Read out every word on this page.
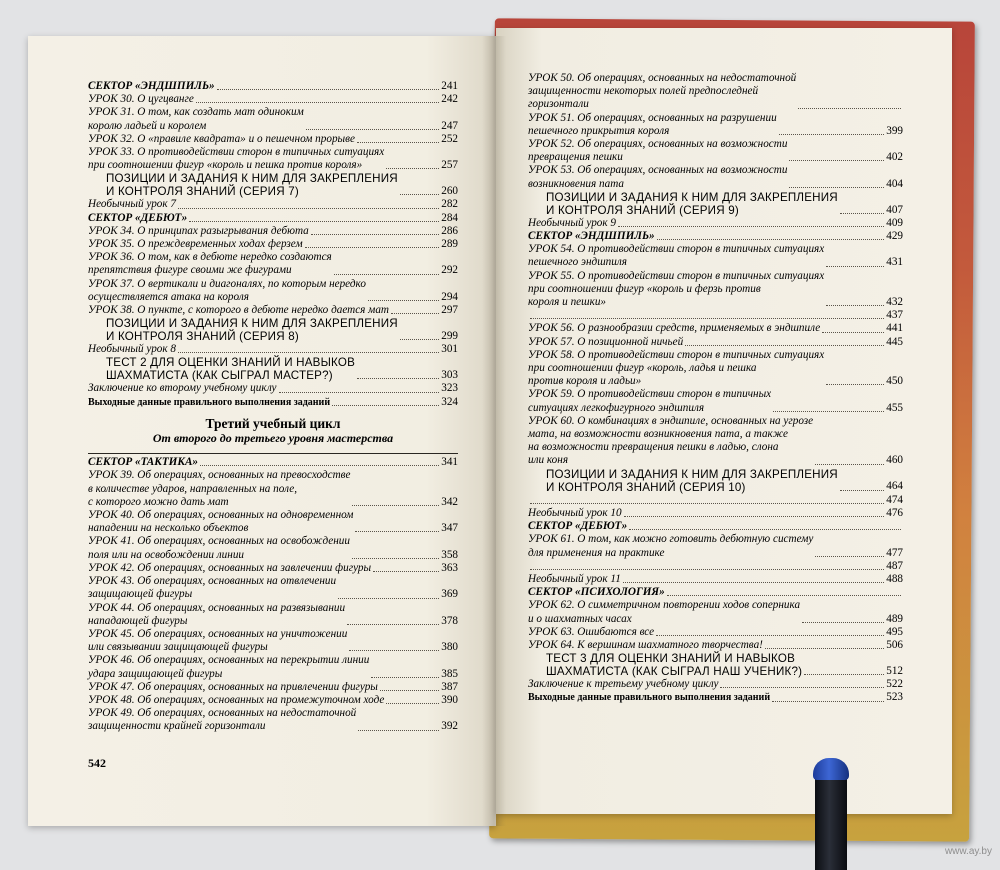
СЕКТОР «ЭНДШПИЛЬ»	241
УРОК 30. О цугцванге	242
УРОК 31. О том, как создать мат одиноким
королю ладьей и королем	247
УРОК 32. О «правиле квадрата» и о пешечном прорыве	252
УРОК 33. О противодействии сторон в типичных ситуациях
при соотношении фигур «король и пешка против короля»	257
ПОЗИЦИИ И ЗАДАНИЯ К НИМ ДЛЯ ЗАКРЕПЛЕНИЯ
И КОНТРОЛЯ ЗНАНИЙ (СЕРИЯ 7)	260
Необычный урок 7	282
СЕКТОР «ДЕБЮТ»	284
УРОК 34. О принципах разыгрывания дебюта	286
УРОК 35. О преждевременных ходах ферзем	289
УРОК 36. О том, как в дебюте нередко создаются
препятствия фигуре своими же фигурами	292
УРОК 37. О вертикали и диагоналях, по которым нередко
осуществляется атака на короля	294
УРОК 38. О пункте, с которого в дебюте нередко дается мат	297
ПОЗИЦИИ И ЗАДАНИЯ К НИМ ДЛЯ ЗАКРЕПЛЕНИЯ
И КОНТРОЛЯ ЗНАНИЙ (СЕРИЯ 8)	299
Необычный урок 8	301
ТЕСТ 2 ДЛЯ ОЦЕНКИ ЗНАНИЙ И НАВЫКОВ
ШАХМАТИСТА (КАК СЫГРАЛ МАСТЕР?)	303
Заключение ко второму учебному циклу	323
Выходные данные правильного выполнения заданий	324
Третий учебный цикл
От второго до третьего уровня мастерства
СЕКТОР «ТАКТИКА»	341
УРОК 39. Об операциях, основанных на превосходстве
в количестве ударов, направленных на поле,
с которого можно дать мат	342
УРОК 40. Об операциях, основанных на одновременном
нападении на несколько объектов	347
УРОК 41. Об операциях, основанных на освобождении
поля или на освобождении линии	358
УРОК 42. Об операциях, основанных на завлечении фигуры	363
УРОК 43. Об операциях, основанных на отвлечении
защищающей фигуры	369
УРОК 44. Об операциях, основанных на развязывании
нападающей фигуры	378
УРОК 45. Об операциях, основанных на уничтожении
или связывании защищающей фигуры	380
УРОК 46. Об операциях, основанных на перекрытии линии
удара защищающей фигуры	385
УРОК 47. Об операциях, основанных на привлечении фигуры	387
УРОК 48. Об операциях, основанных на промежуточном ходе	390
УРОК 49. Об операциях, основанных на недостаточной
защищенности крайней горизонтали	392
542
УРОК 50. Об операциях, основанных на недостаточной
защищенности некоторых полей предпоследней
горизонтали
УРОК 51. Об операциях, основанных на разрушении
пешечного прикрытия короля	399
УРОК 52. Об операциях, основанных на возможности
превращения пешки	402
УРОК 53. Об операциях, основанных на возможности
возникновения пата	404
ПОЗИЦИИ И ЗАДАНИЯ К НИМ ДЛЯ ЗАКРЕПЛЕНИЯ
И КОНТРОЛЯ ЗНАНИЙ (СЕРИЯ 9)	407
Необычный урок 9	409
СЕКТОР «ЭНДШПИЛЬ»	429
УРОК 54. О противодействии сторон в типичных ситуациях
пешечного эндшпиля	431
УРОК 55. О противодействии сторон в типичных ситуациях
при соотношении фигур «король и ферзь против
короля и пешки»	432
437
УРОК 56. О разнообразии средств, применяемых в эндшпиле	441
УРОК 57. О позиционной ничьей	445
УРОК 58. О противодействии сторон в типичных ситуациях
при соотношении фигур «король, ладья и пешка
против короля и ладьи»	450
УРОК 59. О противодействии сторон в типичных
ситуациях легкофигурного эндшпиля	455
УРОК 60. О комбинациях в эндшпиле, основанных на угрозе
мата, на возможности возникновения пата, а также
на возможности превращения пешки в ладью, слона
или коня	460
ПОЗИЦИИ И ЗАДАНИЯ К НИМ ДЛЯ ЗАКРЕПЛЕНИЯ
И КОНТРОЛЯ ЗНАНИЙ (СЕРИЯ 10)	464
474
Необычный урок 10	476
СЕКТОР «ДЕБЮТ»
УРОК 61. О том, как можно готовить дебютную систему
для применения на практике	477
487
Необычный урок 11	488
СЕКТОР «ПСИХОЛОГИЯ»
УРОК 62. О симметричном повторении ходов соперника
и о шахматных часах	489
УРОК 63. Ошибаются все	495
УРОК 64. К вершинам шахматного творчества!	506
ТЕСТ 3 ДЛЯ ОЦЕНКИ ЗНАНИЙ И НАВЫКОВ
ШАХМАТИСТА (КАК СЫГРАЛ НАШ УЧЕНИК?)	512
Заключение к третьему учебному циклу	522
Выходные данные правильного выполнения заданий	523
www.ay.by
